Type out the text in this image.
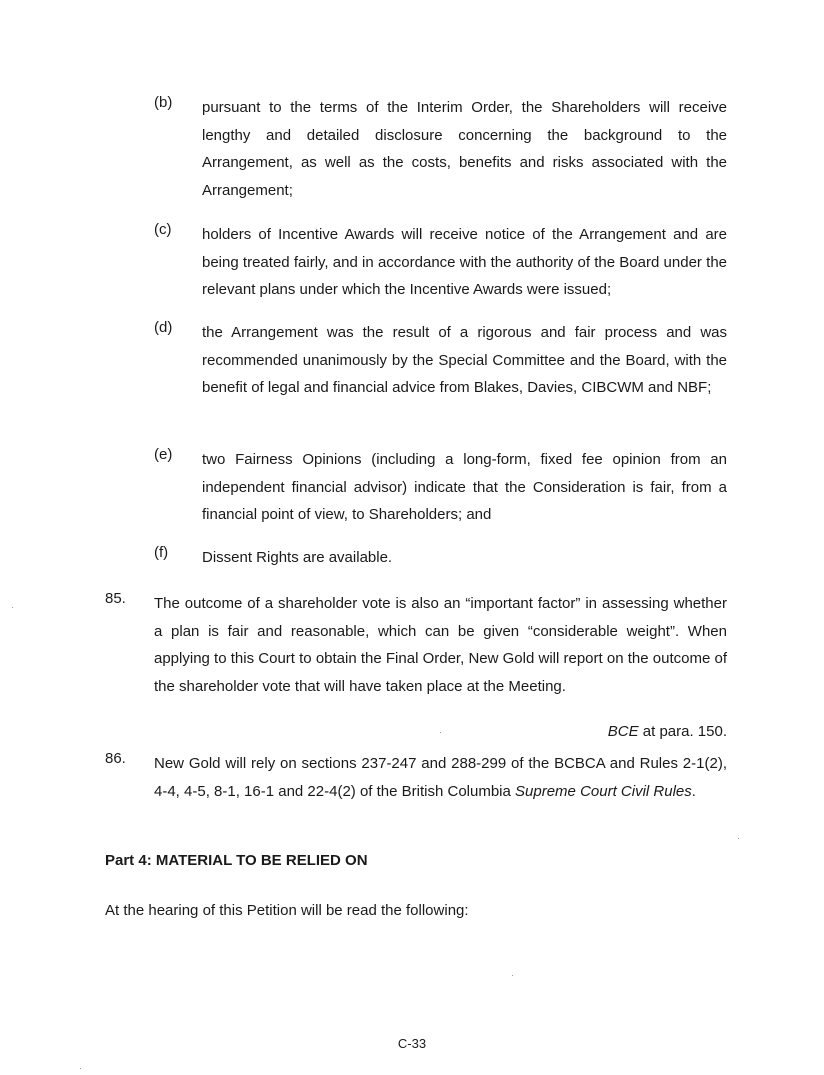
(b)	pursuant to the terms of the Interim Order, the Shareholders will receive lengthy and detailed disclosure concerning the background to the Arrangement, as well as the costs, benefits and risks associated with the Arrangement;
(c)	holders of Incentive Awards will receive notice of the Arrangement and are being treated fairly, and in accordance with the authority of the Board under the relevant plans under which the Incentive Awards were issued;
(d)	the Arrangement was the result of a rigorous and fair process and was recommended unanimously by the Special Committee and the Board, with the benefit of legal and financial advice from Blakes, Davies, CIBCWM and NBF;
(e)	two Fairness Opinions (including a long-form, fixed fee opinion from an independent financial advisor) indicate that the Consideration is fair, from a financial point of view, to Shareholders; and
(f)	Dissent Rights are available.
85.	The outcome of a shareholder vote is also an “important factor” in assessing whether a plan is fair and reasonable, which can be given “considerable weight”. When applying to this Court to obtain the Final Order, New Gold will report on the outcome of the shareholder vote that will have taken place at the Meeting.
BCE at para. 150.
86.	New Gold will rely on sections 237-247 and 288-299 of the BCBCA and Rules 2-1(2), 4-4, 4-5, 8-1, 16-1 and 22-4(2) of the British Columbia Supreme Court Civil Rules.
Part 4: MATERIAL TO BE RELIED ON
At the hearing of this Petition will be read the following:
C-33
